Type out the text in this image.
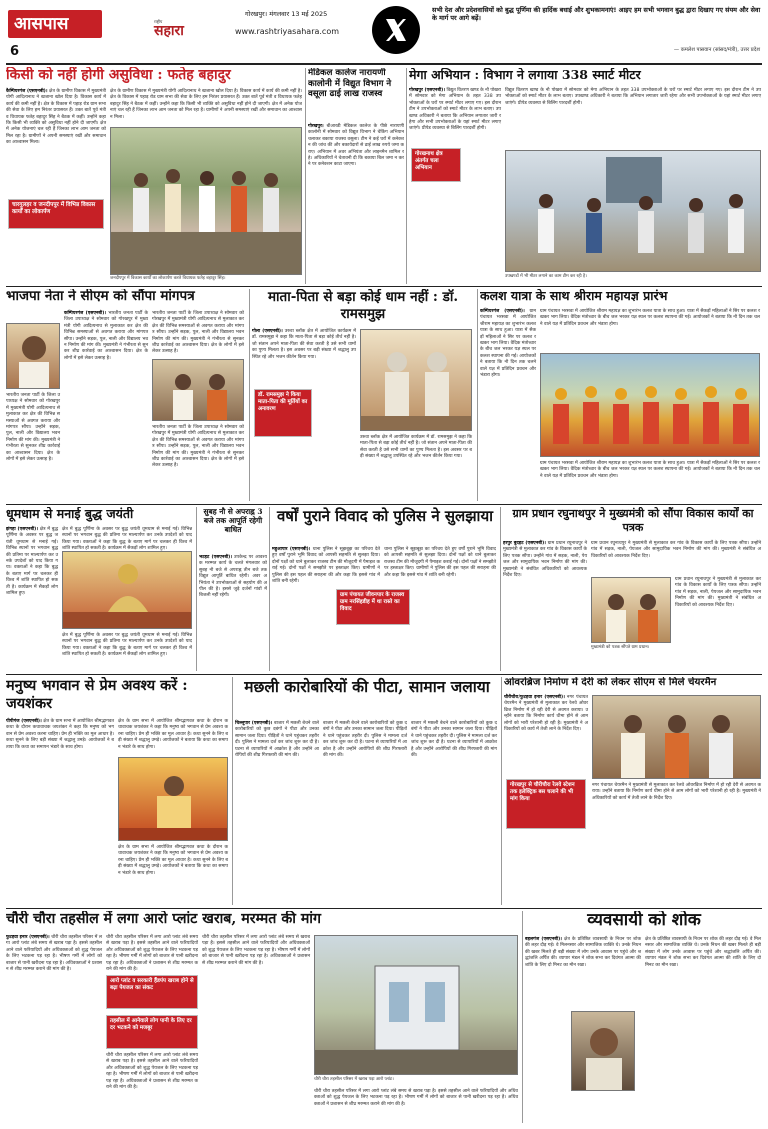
आसपास
6
गोरखपुर। मंगलवार 13 मई 2025
राष्ट्रीय
सहारा	www.rashtriyasahara.com
सभी देश और प्रदेशवासियों को बुद्ध पूर्णिमा की हार्दिक बधाई और शुभकामनाएं! आइए हम सभी भगवान बुद्ध द्वारा दिखाए गए संयम और सेवा के मार्ग पर आगे बढ़ें।
— कमलेश पासवान (सांसद/मंत्री), उत्तर प्रदेश
किसी को नहीं होगी असुविधा : फतेह बहादुर
कैम्पियरगंज (एसएनबी)। क्षेत्र के ग्रामीण विकास में मुख्यमंत्री योगी आदित्यनाथ ने खजाना खोल दिया है। विकास कार्य में कार्य की कमी नहीं है। क्षेत्र के विकास में पहाड़ रोड ग्राम सभा की सेवा के लिए हम निरंतर प्रयासरत हैं। उक्त बातें पूर्व मंत्री व विधायक फतेह बहादुर सिंह ने बैठक में कहीं। उन्होंने कहा कि किसी भी व्यक्ति को असुविधा नहीं होने दी जाएगी। क्षेत्र में अनेक योजनाएं चल रही हैं जिनका लाभ आम जनता को मिल रहा है। ग्रामीणों ने अपनी समस्याएं रखीं और समाधान का आश्वासन मिला।
चारगुलहर व जनदीपपुर में विभिन्न विकास कार्यों का लोकार्पण
जनदीपपुर में विकास कार्यों का लोकार्पण करते विधायक फतेह बहादुर सिंह।
क्षेत्र के ग्रामीण विकास में मुख्यमंत्री योगी आदित्यनाथ ने खजाना खोल दिया है। विकास कार्य में कार्य की कमी नहीं है। क्षेत्र के विकास में पहाड़ रोड ग्राम सभा की सेवा के लिए हम निरंतर प्रयासरत हैं। उक्त बातें पूर्व मंत्री व विधायक फतेह बहादुर सिंह ने बैठक में कहीं। उन्होंने कहा कि किसी भी व्यक्ति को असुविधा नहीं होने दी जाएगी। क्षेत्र में अनेक योजनाएं चल रही हैं जिनका लाभ आम जनता को मिल रहा है। ग्रामीणों ने अपनी समस्याएं रखीं और समाधान का आश्वासन मिला।
मेडिकल कालेज नारायणी कालोनी में विद्युत विभाग ने वसूला ढाई लाख राजस्व
गोरखपुर। बीआरडी मेडिकल कालेज के पीछे नारायणी कालोनी में सोमवार को विद्युत विभाग ने चेकिंग अभियान चलाकर बकाया राजस्व वसूला। टीम ने कई घरों में कनेक्शन की जांच की और बकायेदारों से ढाई लाख रुपये जमा कराए। अभियान में अवर अभियंता और लाइनमैन शामिल रहे। अधिकारियों ने चेतावनी दी कि बकाया बिल जमा न करने पर कनेक्शन काटा जाएगा।
मेगा अभियान : विभाग ने लगाया 338 स्मार्ट मीटर
गोरखपुर (एसएनबी)। विद्युत वितरण खण्ड के नौ पोखरा में सोमवार को मेगा अभियान के तहत 338 उपभोक्ताओं के घरों पर स्मार्ट मीटर लगाए गए। इस दौरान टीम ने उपभोक्ताओं को स्मार्ट मीटर के लाभ बताए। उपखण्ड अधिकारी ने बताया कि अभियान लगातार जारी रहेगा और सभी उपभोक्ताओं के यहां स्मार्ट मीटर लगाए जाएंगे। प्रीपेड व्यवस्था से बिलिंग पारदर्शी होगी।
गोरखनाथ क्षेत्र अंतर्गत चला अभियान
विद्युत वितरण खण्ड के नौ पोखरा में सोमवार को मेगा अभियान के तहत 338 उपभोक्ताओं के घरों पर स्मार्ट मीटर लगाए गए। इस दौरान टीम ने उपभोक्ताओं को स्मार्ट मीटर के लाभ बताए। उपखण्ड अधिकारी ने बताया कि अभियान लगातार जारी रहेगा और सभी उपभोक्ताओं के यहां स्मार्ट मीटर लगाए जाएंगे। प्रीपेड व्यवस्था से बिलिंग पारदर्शी होगी।
उपखण्डों में भी मीटर लगाने का काम टीम कर रही है।
भाजपा नेता ने सीएम को सौंपा मांगपत्र
कम्पियरगंज (एसएनबी)। भारतीय जनता पार्टी के जिला उपाध्यक्ष ने सोमवार को गोरखपुर में मुख्यमंत्री योगी आदित्यनाथ से मुलाकात कर क्षेत्र की विभिन्न समस्याओं से अवगत कराया और मांगपत्र सौंपा। उन्होंने सड़क, पुल, नाली और विद्यालय भवन निर्माण की मांग की। मुख्यमंत्री ने गंभीरता से सुनकर शीघ्र कार्रवाई का आश्वासन दिया। क्षेत्र के लोगों में इसे लेकर उत्साह है।
भारतीय जनता पार्टी के जिला उपाध्यक्ष ने सोमवार को गोरखपुर में मुख्यमंत्री योगी आदित्यनाथ से मुलाकात कर क्षेत्र की विभिन्न समस्याओं से अवगत कराया और मांगपत्र सौंपा। उन्होंने सड़क, पुल, नाली और विद्यालय भवन निर्माण की मांग की। मुख्यमंत्री ने गंभीरता से सुनकर शीघ्र कार्रवाई का आश्वासन दिया। क्षेत्र के लोगों में इसे लेकर उत्साह है।
भारतीय जनता पार्टी के जिला उपाध्यक्ष ने सोमवार को गोरखपुर में मुख्यमंत्री योगी आदित्यनाथ से मुलाकात कर क्षेत्र की विभिन्न समस्याओं से अवगत कराया और मांगपत्र सौंपा। उन्होंने सड़क, पुल, नाली और विद्यालय भवन निर्माण की मांग की। मुख्यमंत्री ने गंभीरता से सुनकर शीघ्र कार्रवाई का आश्वासन दिया। क्षेत्र के लोगों में इसे लेकर उत्साह है।
भारतीय जनता पार्टी के जिला उपाध्यक्ष ने सोमवार को गोरखपुर में मुख्यमंत्री योगी आदित्यनाथ से मुलाकात कर क्षेत्र की विभिन्न समस्याओं से अवगत कराया और मांगपत्र सौंपा। उन्होंने सड़क, पुल, नाली और विद्यालय भवन निर्माण की मांग की। मुख्यमंत्री ने गंभीरता से सुनकर शीघ्र कार्रवाई का आश्वासन दिया। क्षेत्र के लोगों में इसे लेकर उत्साह है।
माता-पिता से बड़ा कोई धाम नहीं : डॉ. रामसमुझ
गोला (एसएनबी)। उरुवा ब्लॉक क्षेत्र में आयोजित कार्यक्रम में डॉ. रामसमुझ ने कहा कि माता-पिता से बड़ा कोई तीर्थ नहीं है। जो संतान अपने माता-पिता की सेवा करती है उसे सभी धामों का पुण्य मिलता है। इस अवसर पर बड़ी संख्या में श्रद्धालु उपस्थित रहे और भजन कीर्तन किया गया।
डॉ. रामसमुझ ने किया माता-पिता की मूर्तियों का अनावरण
उरुवा ब्लॉक क्षेत्र में आयोजित कार्यक्रम में डॉ. रामसमुझ ने कहा कि माता-पिता से बड़ा कोई तीर्थ नहीं है। जो संतान अपने माता-पिता की सेवा करती है उसे सभी धामों का पुण्य मिलता है। इस अवसर पर बड़ी संख्या में श्रद्धालु उपस्थित रहे और भजन कीर्तन किया गया।
कलश यात्रा के साथ श्रीराम महायज्ञ प्रारंभ
कम्पियरगंज (एसएनबी)। ग्राम पंचायत भरसवा में आयोजित श्रीराम महायज्ञ का शुभारंभ कलश यात्रा के साथ हुआ। यात्रा में सैकड़ों महिलाओं ने सिर पर कलश रखकर भाग लिया। वैदिक मंत्रोच्चार के बीच जल भरकर यज्ञ स्थल पर कलश स्थापना की गई। आयोजकों ने बताया कि नौ दिन तक चलने वाले यज्ञ में प्रतिदिन प्रवचन और भंडारा होगा।
ग्राम पंचायत भरसवा में आयोजित श्रीराम महायज्ञ का शुभारंभ कलश यात्रा के साथ हुआ। यात्रा में सैकड़ों महिलाओं ने सिर पर कलश रखकर भाग लिया। वैदिक मंत्रोच्चार के बीच जल भरकर यज्ञ स्थल पर कलश स्थापना की गई। आयोजकों ने बताया कि नौ दिन तक चलने वाले यज्ञ में प्रतिदिन प्रवचन और भंडारा होगा।
ग्राम पंचायत भरसवा में आयोजित श्रीराम महायज्ञ का शुभारंभ कलश यात्रा के साथ हुआ। यात्रा में सैकड़ों महिलाओं ने सिर पर कलश रखकर भाग लिया। वैदिक मंत्रोच्चार के बीच जल भरकर यज्ञ स्थल पर कलश स्थापना की गई। आयोजकों ने बताया कि नौ दिन तक चलने वाले यज्ञ में प्रतिदिन प्रवचन और भंडारा होगा।
धूमधाम से मनाई बुद्ध जयंती
झंगहा (एसएनबी)। क्षेत्र में बुद्ध पूर्णिमा के अवसर पर बुद्ध जयंती धूमधाम से मनाई गई। विभिन्न स्थानों पर भगवान बुद्ध की प्रतिमा पर माल्यार्पण कर उनके उपदेशों को याद किया गया। वक्ताओं ने कहा कि बुद्ध के बताए मार्ग पर चलकर ही विश्व में शांति स्थापित हो सकती है। कार्यक्रम में सैकड़ों लोग शामिल हुए।
क्षेत्र में बुद्ध पूर्णिमा के अवसर पर बुद्ध जयंती धूमधाम से मनाई गई। विभिन्न स्थानों पर भगवान बुद्ध की प्रतिमा पर माल्यार्पण कर उनके उपदेशों को याद किया गया। वक्ताओं ने कहा कि बुद्ध के बताए मार्ग पर चलकर ही विश्व में शांति स्थापित हो सकती है। कार्यक्रम में सैकड़ों लोग शामिल हुए।
क्षेत्र में बुद्ध पूर्णिमा के अवसर पर बुद्ध जयंती धूमधाम से मनाई गई। विभिन्न स्थानों पर भगवान बुद्ध की प्रतिमा पर माल्यार्पण कर उनके उपदेशों को याद किया गया। वक्ताओं ने कहा कि बुद्ध के बताए मार्ग पर चलकर ही विश्व में शांति स्थापित हो सकती है। कार्यक्रम में सैकड़ों लोग शामिल हुए।
सुबह नौ से अपराह्न 3 बजे तक आपूर्ति रहेगी बाधित
भटहट (एसएनबी)। उपकेन्द्र पर आवश्यक मरम्मत कार्य के चलते मंगलवार को सुबह नौ बजे से अपराह्न तीन बजे तक विद्युत आपूर्ति बाधित रहेगी। अवर अभियंता ने उपभोक्ताओं से सहयोग की अपील की है। इससे जुड़े दर्जनों गांवों में बिजली नहीं रहेगी।
वर्षों पुराने विवाद को पुलिस ने सुलझाया
महुआपार (एसएनबी)। थाना पुलिस ने सूझबूझ का परिचय देते हुए वर्षों पुराने भूमि विवाद को आपसी सहमति से सुलझा दिया। दोनों पक्षों को थाने बुलाकर राजस्व टीम की मौजूदगी में पैमाइश कराई गई। दोनों पक्षों ने समझौते पर हस्ताक्षर किए। ग्रामीणों ने पुलिस की इस पहल की सराहना की और कहा कि इससे गांव में शांति बनी रहेगी।
ग्राम पंचायत जीवनपार के राजस्व ग्राम नरसिंहडीह में था रास्ते का विवाद
थाना पुलिस ने सूझबूझ का परिचय देते हुए वर्षों पुराने भूमि विवाद को आपसी सहमति से सुलझा दिया। दोनों पक्षों को थाने बुलाकर राजस्व टीम की मौजूदगी में पैमाइश कराई गई। दोनों पक्षों ने समझौते पर हस्ताक्षर किए। ग्रामीणों ने पुलिस की इस पहल की सराहना की और कहा कि इससे गांव में शांति बनी रहेगी।
ग्राम प्रधान रघुनाथपुर ने मुख्यमंत्री को सौंपा विकास कार्यों का पत्रक
हरपुर बुदहट (एसएनबी)। ग्राम प्रधान रघुनाथपुर ने मुख्यमंत्री से मुलाकात कर गांव के विकास कार्यों के लिए पत्रक सौंपा। उन्होंने गांव में सड़क, नाली, पेयजल और सामुदायिक भवन निर्माण की मांग की। मुख्यमंत्री ने संबंधित अधिकारियों को आवश्यक निर्देश दिए।
ग्राम प्रधान रघुनाथपुर ने मुख्यमंत्री से मुलाकात कर गांव के विकास कार्यों के लिए पत्रक सौंपा। उन्होंने गांव में सड़क, नाली, पेयजल और सामुदायिक भवन निर्माण की मांग की। मुख्यमंत्री ने संबंधित अधिकारियों को आवश्यक निर्देश दिए।
ग्राम प्रधान रघुनाथपुर ने मुख्यमंत्री से मुलाकात कर गांव के विकास कार्यों के लिए पत्रक सौंपा। उन्होंने गांव में सड़क, नाली, पेयजल और सामुदायिक भवन निर्माण की मांग की। मुख्यमंत्री ने संबंधित अधिकारियों को आवश्यक निर्देश दिए।
मुख्यमंत्री को पत्रक सौंपते ग्राम प्रधान।
मनुष्य भगवान से प्रेम अवश्य करें : जयशंकर
पीपीगंज (एसएनबी)। क्षेत्र के ग्राम सभा में आयोजित श्रीमद्भागवत कथा के दौरान कथावाचक जयशंकर ने कहा कि मनुष्य को भगवान से प्रेम अवश्य करना चाहिए। प्रेम ही भक्ति का मूल आधार है। कथा सुनने के लिए बड़ी संख्या में श्रद्धालु उमड़े। आयोजकों ने बताया कि कथा का समापन भंडारे के साथ होगा।
क्षेत्र के ग्राम सभा में आयोजित श्रीमद्भागवत कथा के दौरान कथावाचक जयशंकर ने कहा कि मनुष्य को भगवान से प्रेम अवश्य करना चाहिए। प्रेम ही भक्ति का मूल आधार है। कथा सुनने के लिए बड़ी संख्या में श्रद्धालु उमड़े। आयोजकों ने बताया कि कथा का समापन भंडारे के साथ होगा।
क्षेत्र के ग्राम सभा में आयोजित श्रीमद्भागवत कथा के दौरान कथावाचक जयशंकर ने कहा कि मनुष्य को भगवान से प्रेम अवश्य करना चाहिए। प्रेम ही भक्ति का मूल आधार है। कथा सुनने के लिए बड़ी संख्या में श्रद्धालु उमड़े। आयोजकों ने बताया कि कथा का समापन भंडारे के साथ होगा।
मछली कारोबारियों की पीटा, सामान जलाया
चिल्लूपार (एसएनबी)। बाजार में मछली बेचने वाले कारोबारियों को कुछ दबंगों ने पीटा और उनका सामान जला दिया। पीड़ितों ने थाने पहुंचकर तहरीर दी। पुलिस ने मामला दर्ज कर जांच शुरू कर दी है। घटना से व्यापारियों में आक्रोश है और उन्होंने आरोपियों की शीघ्र गिरफ्तारी की मांग की।
बाजार में मछली बेचने वाले कारोबारियों को कुछ दबंगों ने पीटा और उनका सामान जला दिया। पीड़ितों ने थाने पहुंचकर तहरीर दी। पुलिस ने मामला दर्ज कर जांच शुरू कर दी है। घटना से व्यापारियों में आक्रोश है और उन्होंने आरोपियों की शीघ्र गिरफ्तारी की मांग की।
बाजार में मछली बेचने वाले कारोबारियों को कुछ दबंगों ने पीटा और उनका सामान जला दिया। पीड़ितों ने थाने पहुंचकर तहरीर दी। पुलिस ने मामला दर्ज कर जांच शुरू कर दी है। घटना से व्यापारियों में आक्रोश है और उन्होंने आरोपियों की शीघ्र गिरफ्तारी की मांग की।
ओवरब्रिज निर्माण में देरी को लेकर सीएम से मिले चेयरमैन
चौरीचौरा/फुटहवा इनार (एसएनबी)। नगर पंचायत चेयरमैन ने मुख्यमंत्री से मुलाकात कर रेलवे ओवरब्रिज निर्माण में हो रही देरी से अवगत कराया। उन्होंने बताया कि निर्माण कार्य धीमा होने से आम लोगों को भारी परेशानी हो रही है। मुख्यमंत्री ने अधिकारियों को कार्य में तेजी लाने के निर्देश दिए।
गोरखपुर से चौरीचौरा रेलवे स्टेशन तक इलेक्ट्रिक बस चलाने की भी मांग किया
नगर पंचायत चेयरमैन ने मुख्यमंत्री से मुलाकात कर रेलवे ओवरब्रिज निर्माण में हो रही देरी से अवगत कराया। उन्होंने बताया कि निर्माण कार्य धीमा होने से आम लोगों को भारी परेशानी हो रही है। मुख्यमंत्री ने अधिकारियों को कार्य में तेजी लाने के निर्देश दिए।
चौरी चौरा तहसील में लगा आरो प्लांट खराब, मरम्मत की मांग
फुटहवा इनार (एसएनबी)। चौरी चौरा तहसील परिसर में लगा आरो प्लांट लंबे समय से खराब पड़ा है। इससे तहसील आने वाले फरियादियों और अधिवक्ताओं को शुद्ध पेयजल के लिए भटकना पड़ रहा है। भीषण गर्मी में लोगों को बाजार से पानी खरीदना पड़ रहा है। अधिवक्ताओं ने प्रशासन से शीघ्र मरम्मत कराने की मांग की है।
आरो प्लांट व सरकारी हैंडपंप खराब होने से बढ़ा पेयजल का संकट
तहसील में आनेवाले लोग पानी के लिए दर दर भटकने को मजबूर
चौरी चौरा तहसील परिसर में लगा आरो प्लांट लंबे समय से खराब पड़ा है। इससे तहसील आने वाले फरियादियों और अधिवक्ताओं को शुद्ध पेयजल के लिए भटकना पड़ रहा है। भीषण गर्मी में लोगों को बाजार से पानी खरीदना पड़ रहा है। अधिवक्ताओं ने प्रशासन से शीघ्र मरम्मत कराने की मांग की है।
चौरी चौरा तहसील परिसर में लगा आरो प्लांट लंबे समय से खराब पड़ा है। इससे तहसील आने वाले फरियादियों और अधिवक्ताओं को शुद्ध पेयजल के लिए भटकना पड़ रहा है। भीषण गर्मी में लोगों को बाजार से पानी खरीदना पड़ रहा है। अधिवक्ताओं ने प्रशासन से शीघ्र मरम्मत कराने की मांग की है।
चौरी चौरा तहसील परिसर में लगा आरो प्लांट लंबे समय से खराब पड़ा है। इससे तहसील आने वाले फरियादियों और अधिवक्ताओं को शुद्ध पेयजल के लिए भटकना पड़ रहा है। भीषण गर्मी में लोगों को बाजार से पानी खरीदना पड़ रहा है। अधिवक्ताओं ने प्रशासन से शीघ्र मरम्मत कराने की मांग की है।
चौरी चौरा तहसील परिसर में खराब पड़ा आरो प्लांट।
चौरी चौरा तहसील परिसर में लगा आरो प्लांट लंबे समय से खराब पड़ा है। इससे तहसील आने वाले फरियादियों और अधिवक्ताओं को शुद्ध पेयजल के लिए भटकना पड़ रहा है। भीषण गर्मी में लोगों को बाजार से पानी खरीदना पड़ रहा है। अधिवक्ताओं ने प्रशासन से शीघ्र मरम्मत कराने की मांग की है।
व्यवसायी को शोक
बहलगंज (एसएनबी)। क्षेत्र के प्रतिष्ठित व्यवसायी के निधन पर शोक की लहर दौड़ गई। वे मिलनसार और सामाजिक व्यक्ति थे। उनके निधन की खबर मिलते ही बड़ी संख्या में लोग उनके आवास पर पहुंचे और श्रद्धांजलि अर्पित की। व्यापार मंडल ने शोक सभा कर दिवंगत आत्मा की शांति के लिए दो मिनट का मौन रखा।
क्षेत्र के प्रतिष्ठित व्यवसायी के निधन पर शोक की लहर दौड़ गई। वे मिलनसार और सामाजिक व्यक्ति थे। उनके निधन की खबर मिलते ही बड़ी संख्या में लोग उनके आवास पर पहुंचे और श्रद्धांजलि अर्पित की। व्यापार मंडल ने शोक सभा कर दिवंगत आत्मा की शांति के लिए दो मिनट का मौन रखा।
